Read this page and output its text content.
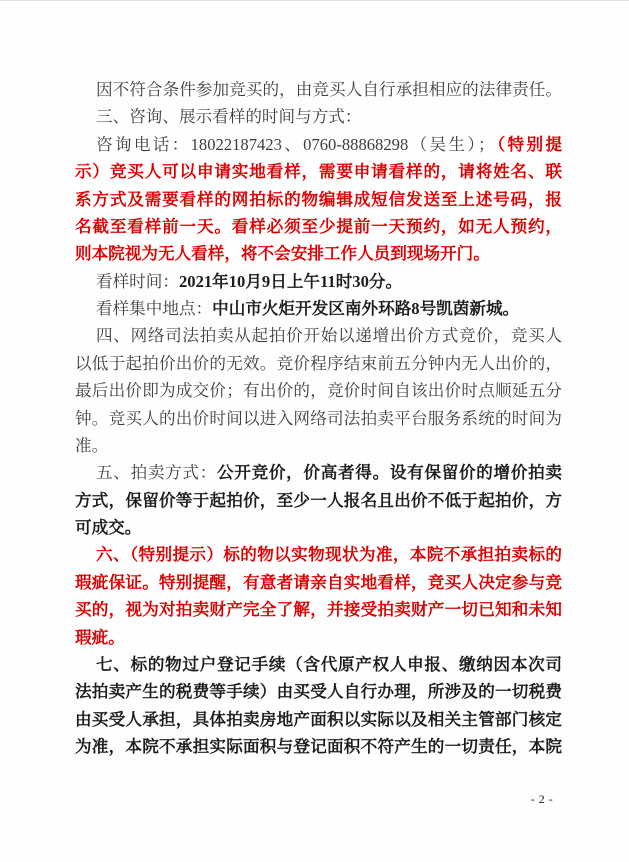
因不符合条件参加竞买的，由竞买人自行承担相应的法律责任。
三、咨询、展示看样的时间与方式：
咨询电话：18022187423、0760-88868298（吴生）；（特别提
示）竞买人可以申请实地看样，需要申请看样的，请将姓名、联
系方式及需要看样的网拍标的物编辑成短信发送至上述号码，报
名截至看样前一天。看样必须至少提前一天预约，如无人预约，
则本院视为无人看样，将不会安排工作人员到现场开门。
看样时间：2021年10月9日上午11时30分。
看样集中地点：中山市火炬开发区南外环路8号凯茵新城。
四、网络司法拍卖从起拍价开始以递增出价方式竞价，竞买人
以低于起拍价出价的无效。竞价程序结束前五分钟内无人出价的，
最后出价即为成交价；有出价的，竞价时间自该出价时点顺延五分
钟。竞买人的出价时间以进入网络司法拍卖平台服务系统的时间为
准。
五、拍卖方式：公开竞价，价高者得。设有保留价的增价拍卖
方式，保留价等于起拍价，至少一人报名且出价不低于起拍价，方
可成交。
六、（特别提示）标的物以实物现状为准，本院不承担拍卖标的
瑕疵保证。特别提醒，有意者请亲自实地看样，竞买人决定参与竞
买的，视为对拍卖财产完全了解，并接受拍卖财产一切已知和未知
瑕疵。
七、标的物过户登记手续（含代原产权人申报、缴纳因本次司
法拍卖产生的税费等手续）由买受人自行办理，所涉及的一切税费
由买受人承担，具体拍卖房地产面积以实际以及相关主管部门核定
为准，本院不承担实际面积与登记面积不符产生的一切责任，本院
- 2 -
